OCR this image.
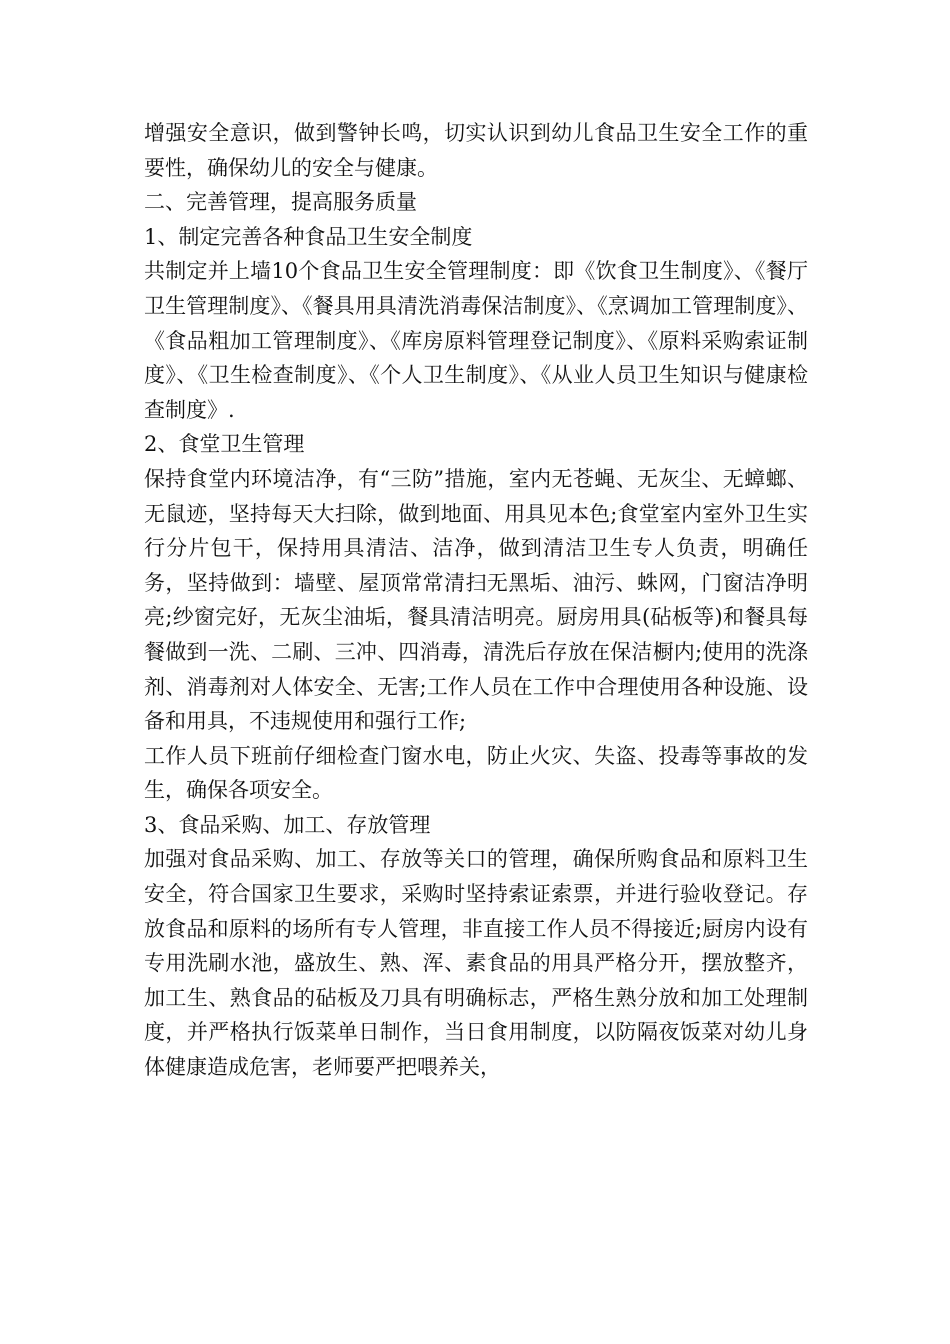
增强安全意识，做到警钟长鸣，切实认识到幼儿食品卫生安全工作的重要性，确保幼儿的安全与健康。

二、完善管理，提高服务质量

1、制定完善各种食品卫生安全制度

共制定并上墙10个食品卫生安全管理制度：即《饮食卫生制度》、《餐厅卫生管理制度》、《餐具用具清洗消毒保洁制度》、《烹调加工管理制度》、《食品粗加工管理制度》、《库房原料管理登记制度》、《原料采购索证制度》、《卫生检查制度》、《个人卫生制度》、《从业人员卫生知识与健康检查制度》.

2、食堂卫生管理

保持食堂内环境洁净，有“三防”措施，室内无苍蝇、无灰尘、无蟑螂、无鼠迹，坚持每天大扫除，做到地面、用具见本色;食堂室内室外卫生实行分片包干，保持用具清洁、洁净，做到清洁卫生专人负责，明确任务，坚持做到：墙壁、屋顶常常清扫无黑垢、油污、蛛网，门窗洁净明亮;纱窗完好，无灰尘油垢，餐具清洁明亮。厨房用具(砧板等)和餐具每餐做到一洗、二刷、三冲、四消毒，清洗后存放在保洁橱内;使用的洗涤剂、消毒剂对人体安全、无害;工作人员在工作中合理使用各种设施、设备和用具，不违规使用和强行工作;

工作人员下班前仔细检查门窗水电，防止火灾、失盗、投毒等事故的发生，确保各项安全。

3、食品采购、加工、存放管理

加强对食品采购、加工、存放等关口的管理，确保所购食品和原料卫生安全，符合国家卫生要求，采购时坚持索证索票，并进行验收登记。存放食品和原料的场所有专人管理，非直接工作人员不得接近;厨房内设有专用洗刷水池，盛放生、熟、浑、素食品的用具严格分开，摆放整齐，加工生、熟食品的砧板及刀具有明确标志，严格生熟分放和加工处理制度，并严格执行饭菜单日制作，当日食用制度，以防隔夜饭菜对幼儿身体健康造成危害，老师要严把喂养关，
